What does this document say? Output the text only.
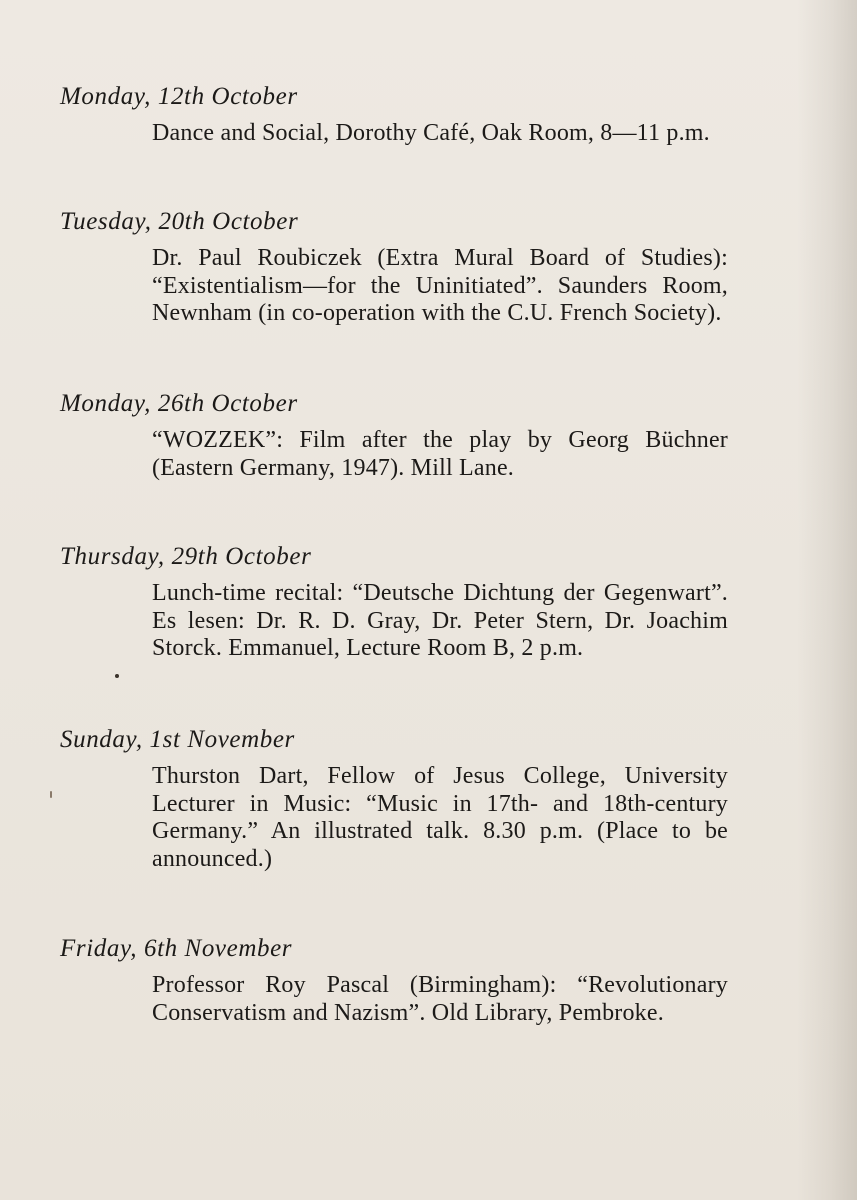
Monday, 12th October
Dance and Social, Dorothy Café, Oak Room, 8—11 p.m.
Tuesday, 20th October
Dr. Paul Roubiczek (Extra Mural Board of Studies): “Existentialism—for the Uninitiated”. Saunders Room, Newnham (in co-operation with the C.U. French Society).
Monday, 26th October
“WOZZEK”: Film after the play by Georg Büchner (Eastern Germany, 1947). Mill Lane.
Thursday, 29th October
Lunch-time recital: “Deutsche Dichtung der Gegenwart”. Es lesen: Dr. R. D. Gray, Dr. Peter Stern, Dr. Joachim Storck. Emmanuel, Lecture Room B, 2 p.m.
Sunday, 1st November
Thurston Dart, Fellow of Jesus College, University Lecturer in Music: “Music in 17th- and 18th-century Germany.” An illustrated talk. 8.30 p.m. (Place to be announced.)
Friday, 6th November
Professor Roy Pascal (Birmingham): “Revolutionary Conservatism and Nazism”. Old Library, Pembroke.
